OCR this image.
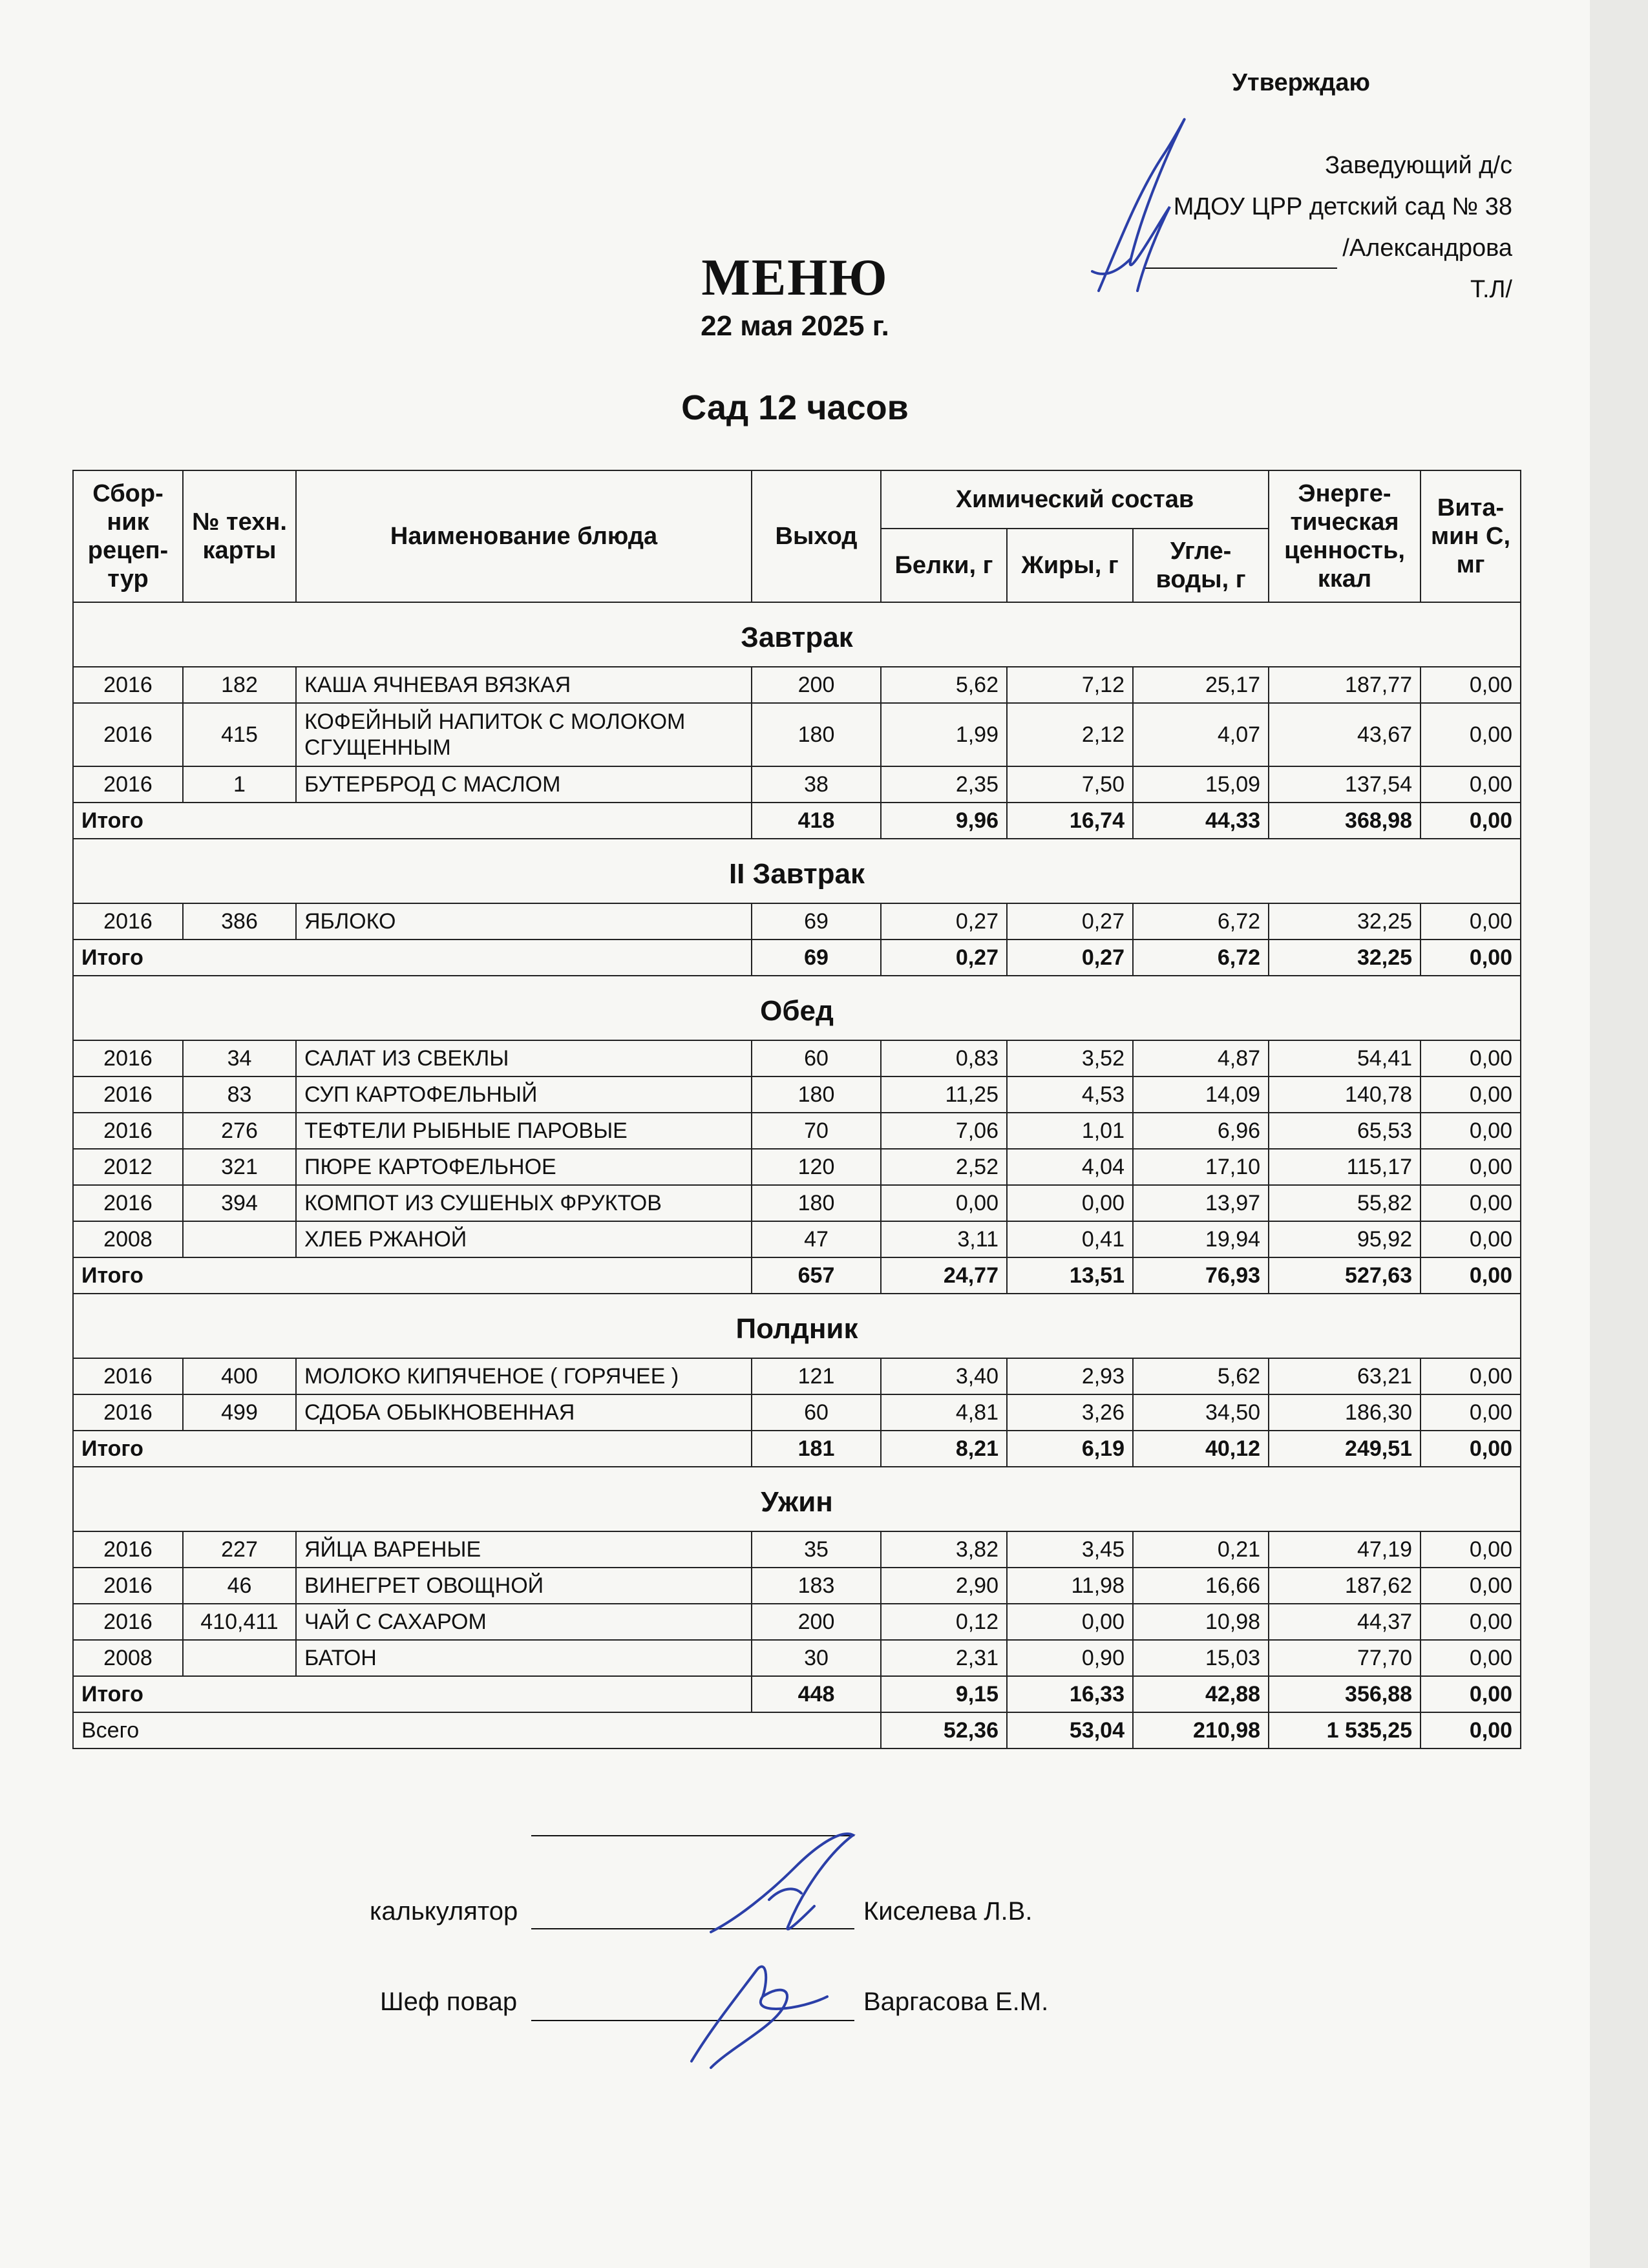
Утверждаю
Заведующий д/с
МДОУ ЦРР детский сад № 38
/Александрова Т.Л/
МЕНЮ
22 мая 2025 г.
Сад 12 часов
Сбор-ник рецеп-тур	№ техн. карты	Наименование блюда	Выход	Химический состав			Энерге-тическая ценность, ккал	Вита-мин С, мг
				Белки, г	Жиры, г	Угле-воды, г		
Завтрак								
2016	182	КАША ЯЧНЕВАЯ ВЯЗКАЯ	200	5,62	7,12	25,17	187,77	0,00
2016	415	КОФЕЙНЫЙ НАПИТОК С МОЛОКОМ СГУЩЕННЫМ	180	1,99	2,12	4,07	43,67	0,00
2016	1	БУТЕРБРОД С МАСЛОМ	38	2,35	7,50	15,09	137,54	0,00
Итого			418	9,96	16,74	44,33	368,98	0,00
II Завтрак								
2016	386	ЯБЛОКО	69	0,27	0,27	6,72	32,25	0,00
Итого			69	0,27	0,27	6,72	32,25	0,00
Обед								
2016	34	САЛАТ ИЗ СВЕКЛЫ	60	0,83	3,52	4,87	54,41	0,00
2016	83	СУП КАРТОФЕЛЬНЫЙ	180	11,25	4,53	14,09	140,78	0,00
2016	276	ТЕФТЕЛИ РЫБНЫЕ ПАРОВЫЕ	70	7,06	1,01	6,96	65,53	0,00
2012	321	ПЮРЕ КАРТОФЕЛЬНОЕ	120	2,52	4,04	17,10	115,17	0,00
2016	394	КОМПОТ ИЗ СУШЕНЫХ ФРУКТОВ	180	0,00	0,00	13,97	55,82	0,00
2008		ХЛЕБ РЖАНОЙ	47	3,11	0,41	19,94	95,92	0,00
Итого			657	24,77	13,51	76,93	527,63	0,00
Полдник								
2016	400	МОЛОКО КИПЯЧЕНОЕ ( ГОРЯЧЕЕ )	121	3,40	2,93	5,62	63,21	0,00
2016	499	СДОБА ОБЫКНОВЕННАЯ	60	4,81	3,26	34,50	186,30	0,00
Итого			181	8,21	6,19	40,12	249,51	0,00
Ужин								
2016	227	ЯЙЦА ВАРЕНЫЕ	35	3,82	3,45	0,21	47,19	0,00
2016	46	ВИНЕГРЕТ ОВОЩНОЙ	183	2,90	11,98	16,66	187,62	0,00
2016	410,411	ЧАЙ С САХАРОМ	200	0,12	0,00	10,98	44,37	0,00
2008		БАТОН	30	2,31	0,90	15,03	77,70	0,00
Итого			448	9,15	16,33	42,88	356,88	0,00
Всего				52,36	53,04	210,98	1 535,25	0,00
калькулятор	Киселева Л.В.
Шеф повар	Варгасова Е.М.
